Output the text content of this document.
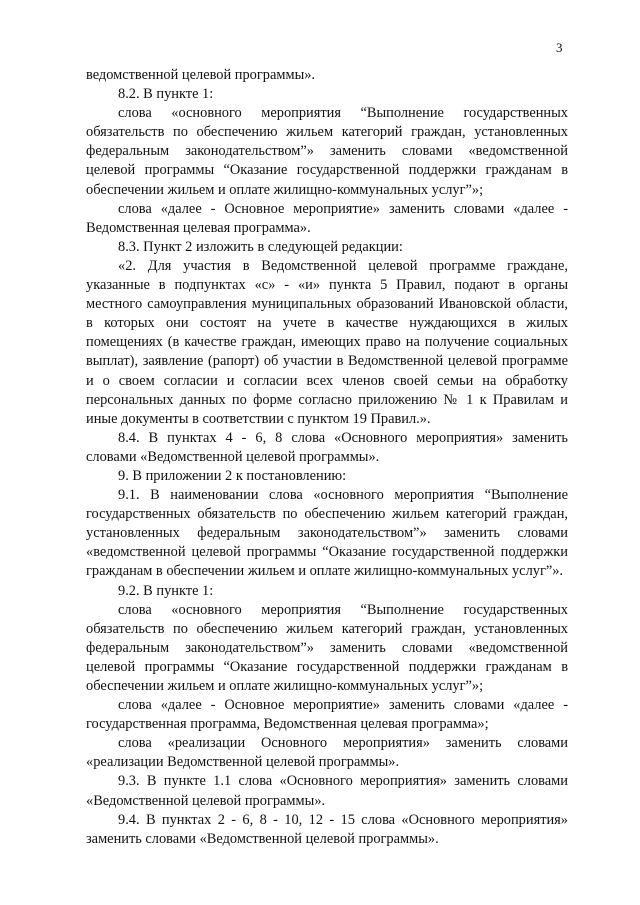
3

ведомственной целевой программы».

8.2. В пункте 1:

слова «основного мероприятия “Выполнение государственных обязательств по обеспечению жильем категорий граждан, установленных федеральным законодательством”» заменить словами «ведомственной целевой программы “Оказание государственной поддержки гражданам в обеспечении жильем и оплате жилищно-коммунальных услуг”»;

слова «далее - Основное мероприятие» заменить словами «далее - Ведомственная целевая программа».

8.3. Пункт 2 изложить в следующей редакции:

«2. Для участия в Ведомственной целевой программе граждане, указанные в подпунктах «с» - «и» пункта 5 Правил, подают в органы местного самоуправления муниципальных образований Ивановской области, в которых они состоят на учете в качестве нуждающихся в жилых помещениях (в качестве граждан, имеющих право на получение социальных выплат), заявление (рапорт) об участии в Ведомственной целевой программе и о своем согласии и согласии всех членов своей семьи на обработку персональных данных по форме согласно приложению № 1 к Правилам и иные документы в соответствии с пунктом 19 Правил.».

8.4. В пунктах 4 - 6, 8 слова «Основного мероприятия» заменить словами «Ведомственной целевой программы».

9. В приложении 2 к постановлению:

9.1. В наименовании слова «основного мероприятия “Выполнение государственных обязательств по обеспечению жильем категорий граждан, установленных федеральным законодательством”» заменить словами «ведомственной целевой программы “Оказание государственной поддержки гражданам в обеспечении жильем и оплате жилищно-коммунальных услуг”».

9.2. В пункте 1:

слова «основного мероприятия “Выполнение государственных обязательств по обеспечению жильем категорий граждан, установленных федеральным законодательством”» заменить словами «ведомственной целевой программы “Оказание государственной поддержки гражданам в обеспечении жильем и оплате жилищно-коммунальных услуг”»;

слова «далее - Основное мероприятие» заменить словами «далее - государственная программа, Ведомственная целевая программа»;

слова «реализации Основного мероприятия» заменить словами «реализации Ведомственной целевой программы».

9.3. В пункте 1.1 слова «Основного мероприятия» заменить словами «Ведомственной целевой программы».

9.4. В пунктах 2 - 6, 8 - 10, 12 - 15 слова «Основного мероприятия» заменить словами «Ведомственной целевой программы».
